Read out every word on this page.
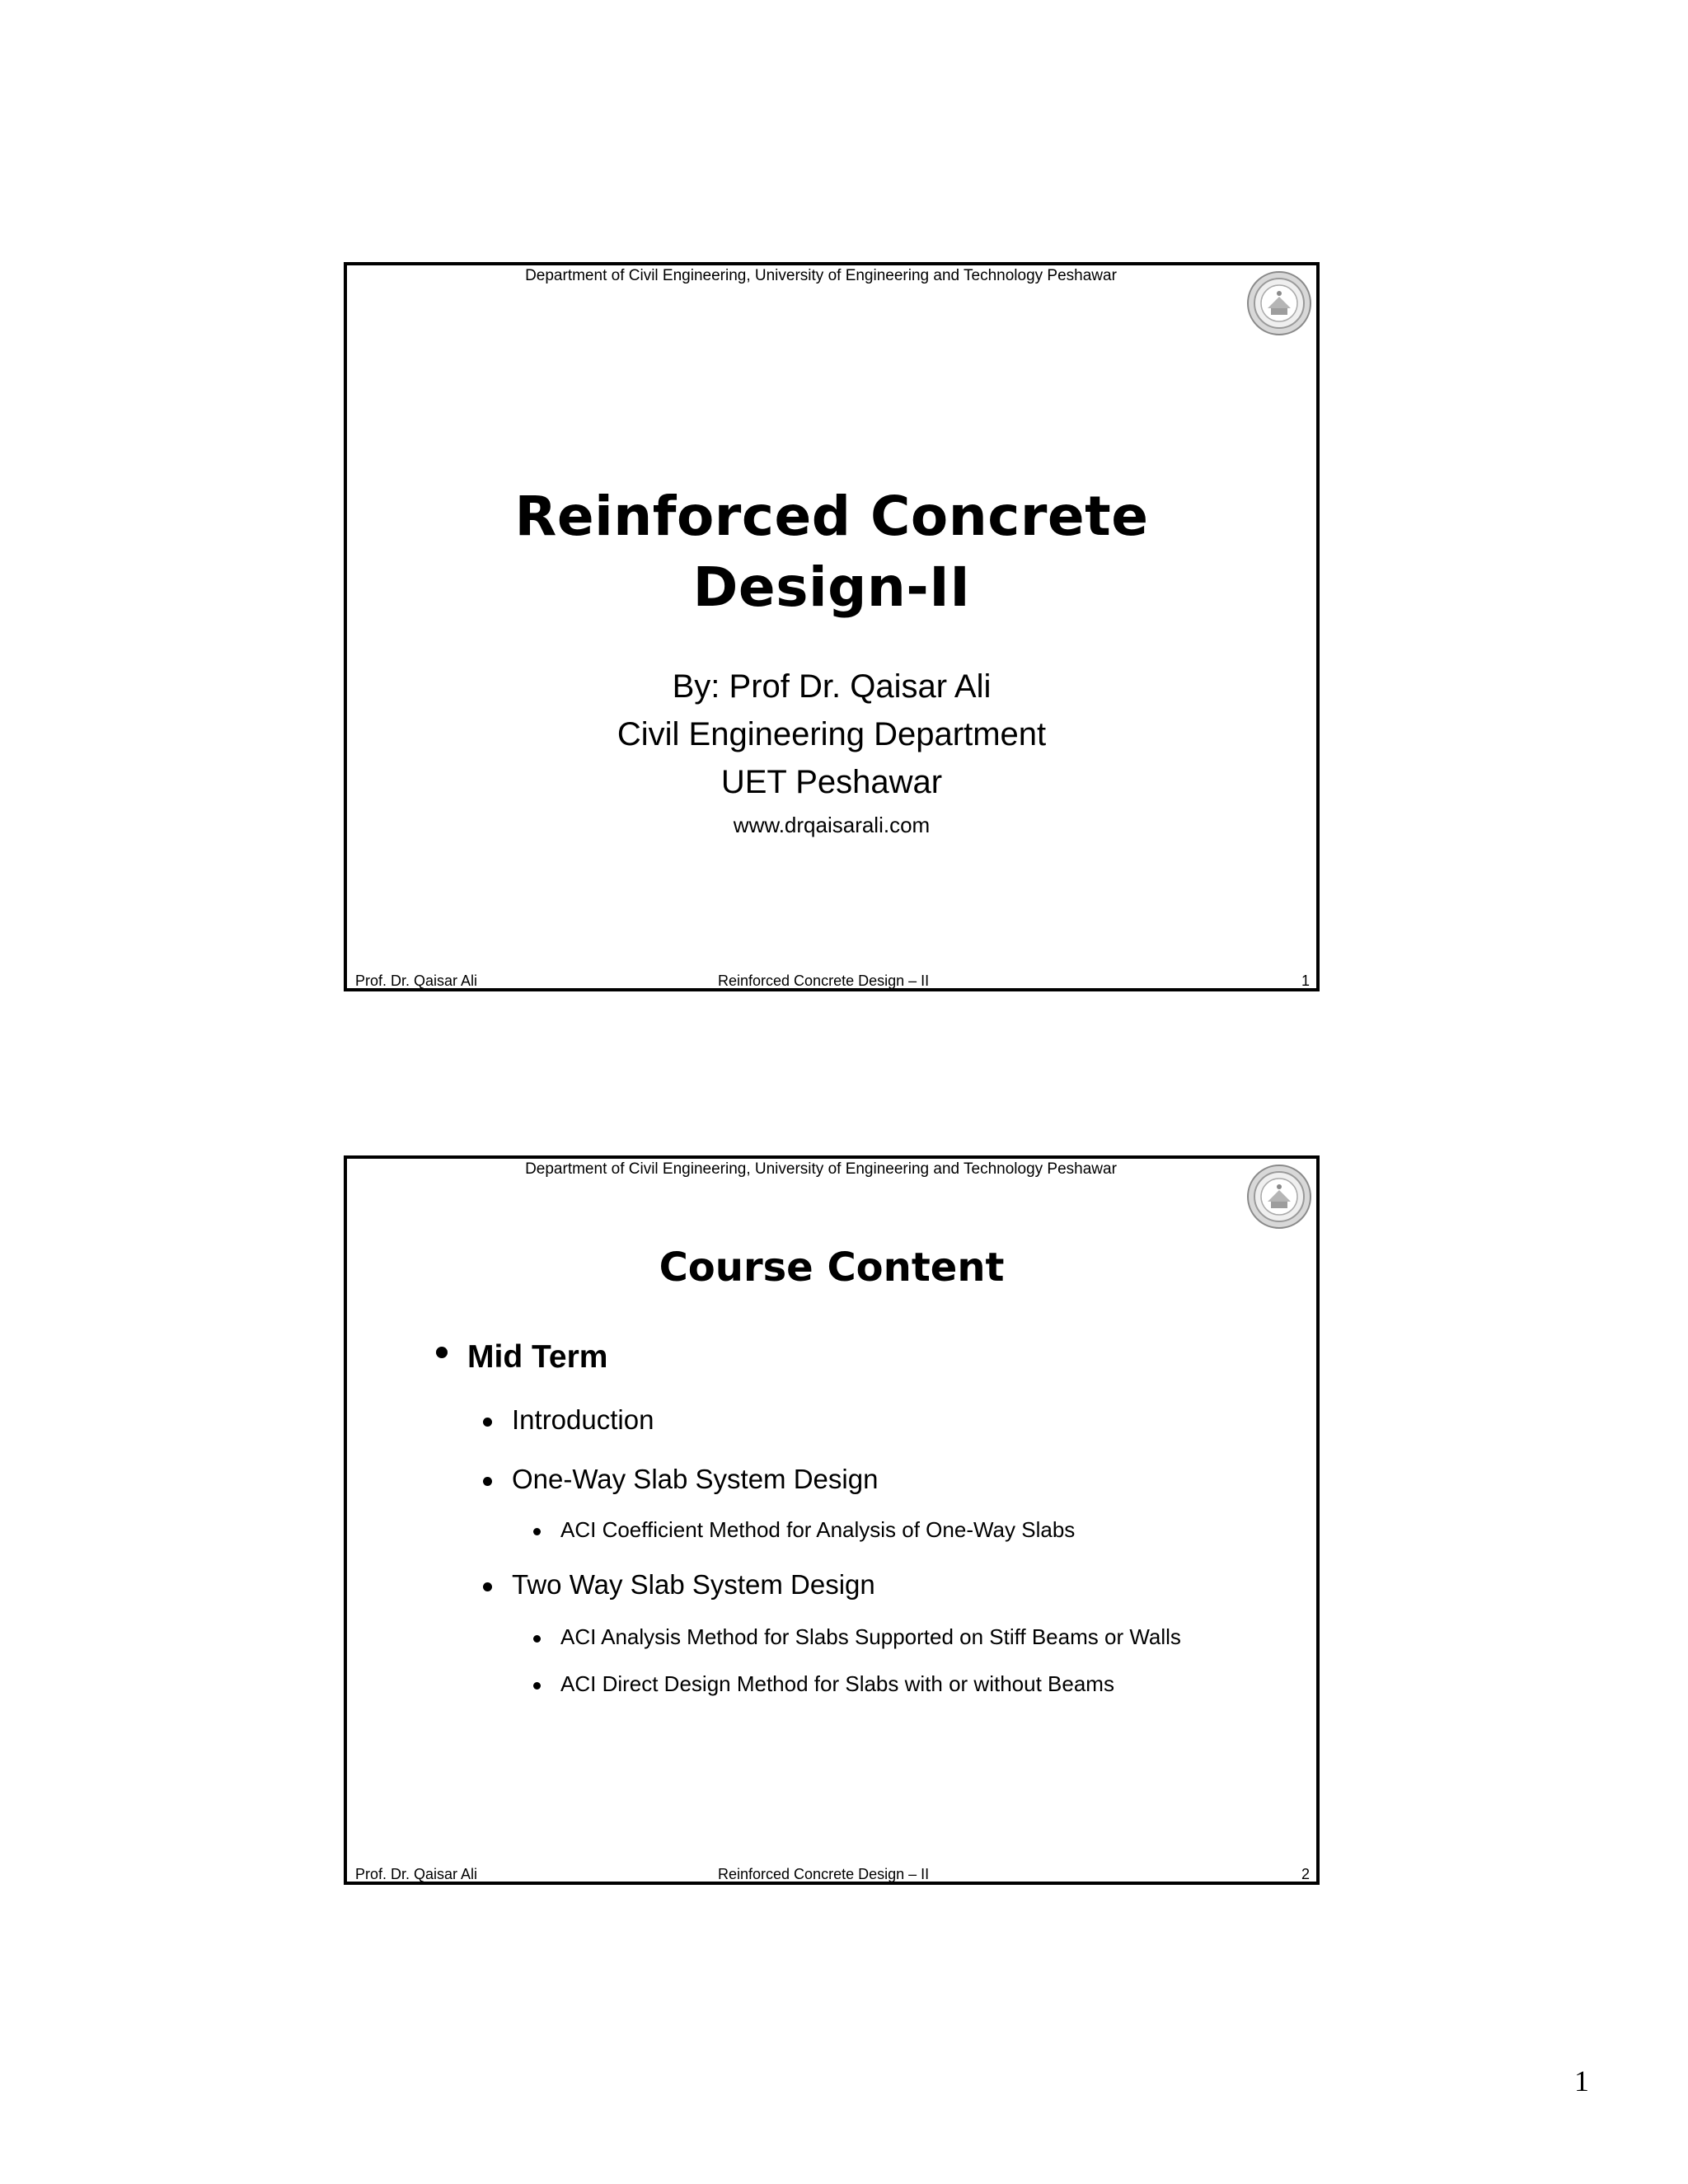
Department of Civil Engineering, University of Engineering and Technology Peshawar
Reinforced Concrete
Design-II
By: Prof Dr. Qaisar Ali
Civil Engineering Department
UET Peshawar
www.drqaisarali.com
Prof. Dr. Qaisar Ali	Reinforced Concrete Design – II	1
Department of Civil Engineering, University of Engineering and Technology Peshawar
Course Content
Mid Term
Introduction
One-Way Slab System Design
ACI Coefficient Method for Analysis of One-Way Slabs
Two Way Slab System Design
ACI Analysis Method for Slabs Supported on Stiff Beams or Walls
ACI Direct Design Method for Slabs with or without Beams
Prof. Dr. Qaisar Ali	Reinforced Concrete Design – II	2
1
